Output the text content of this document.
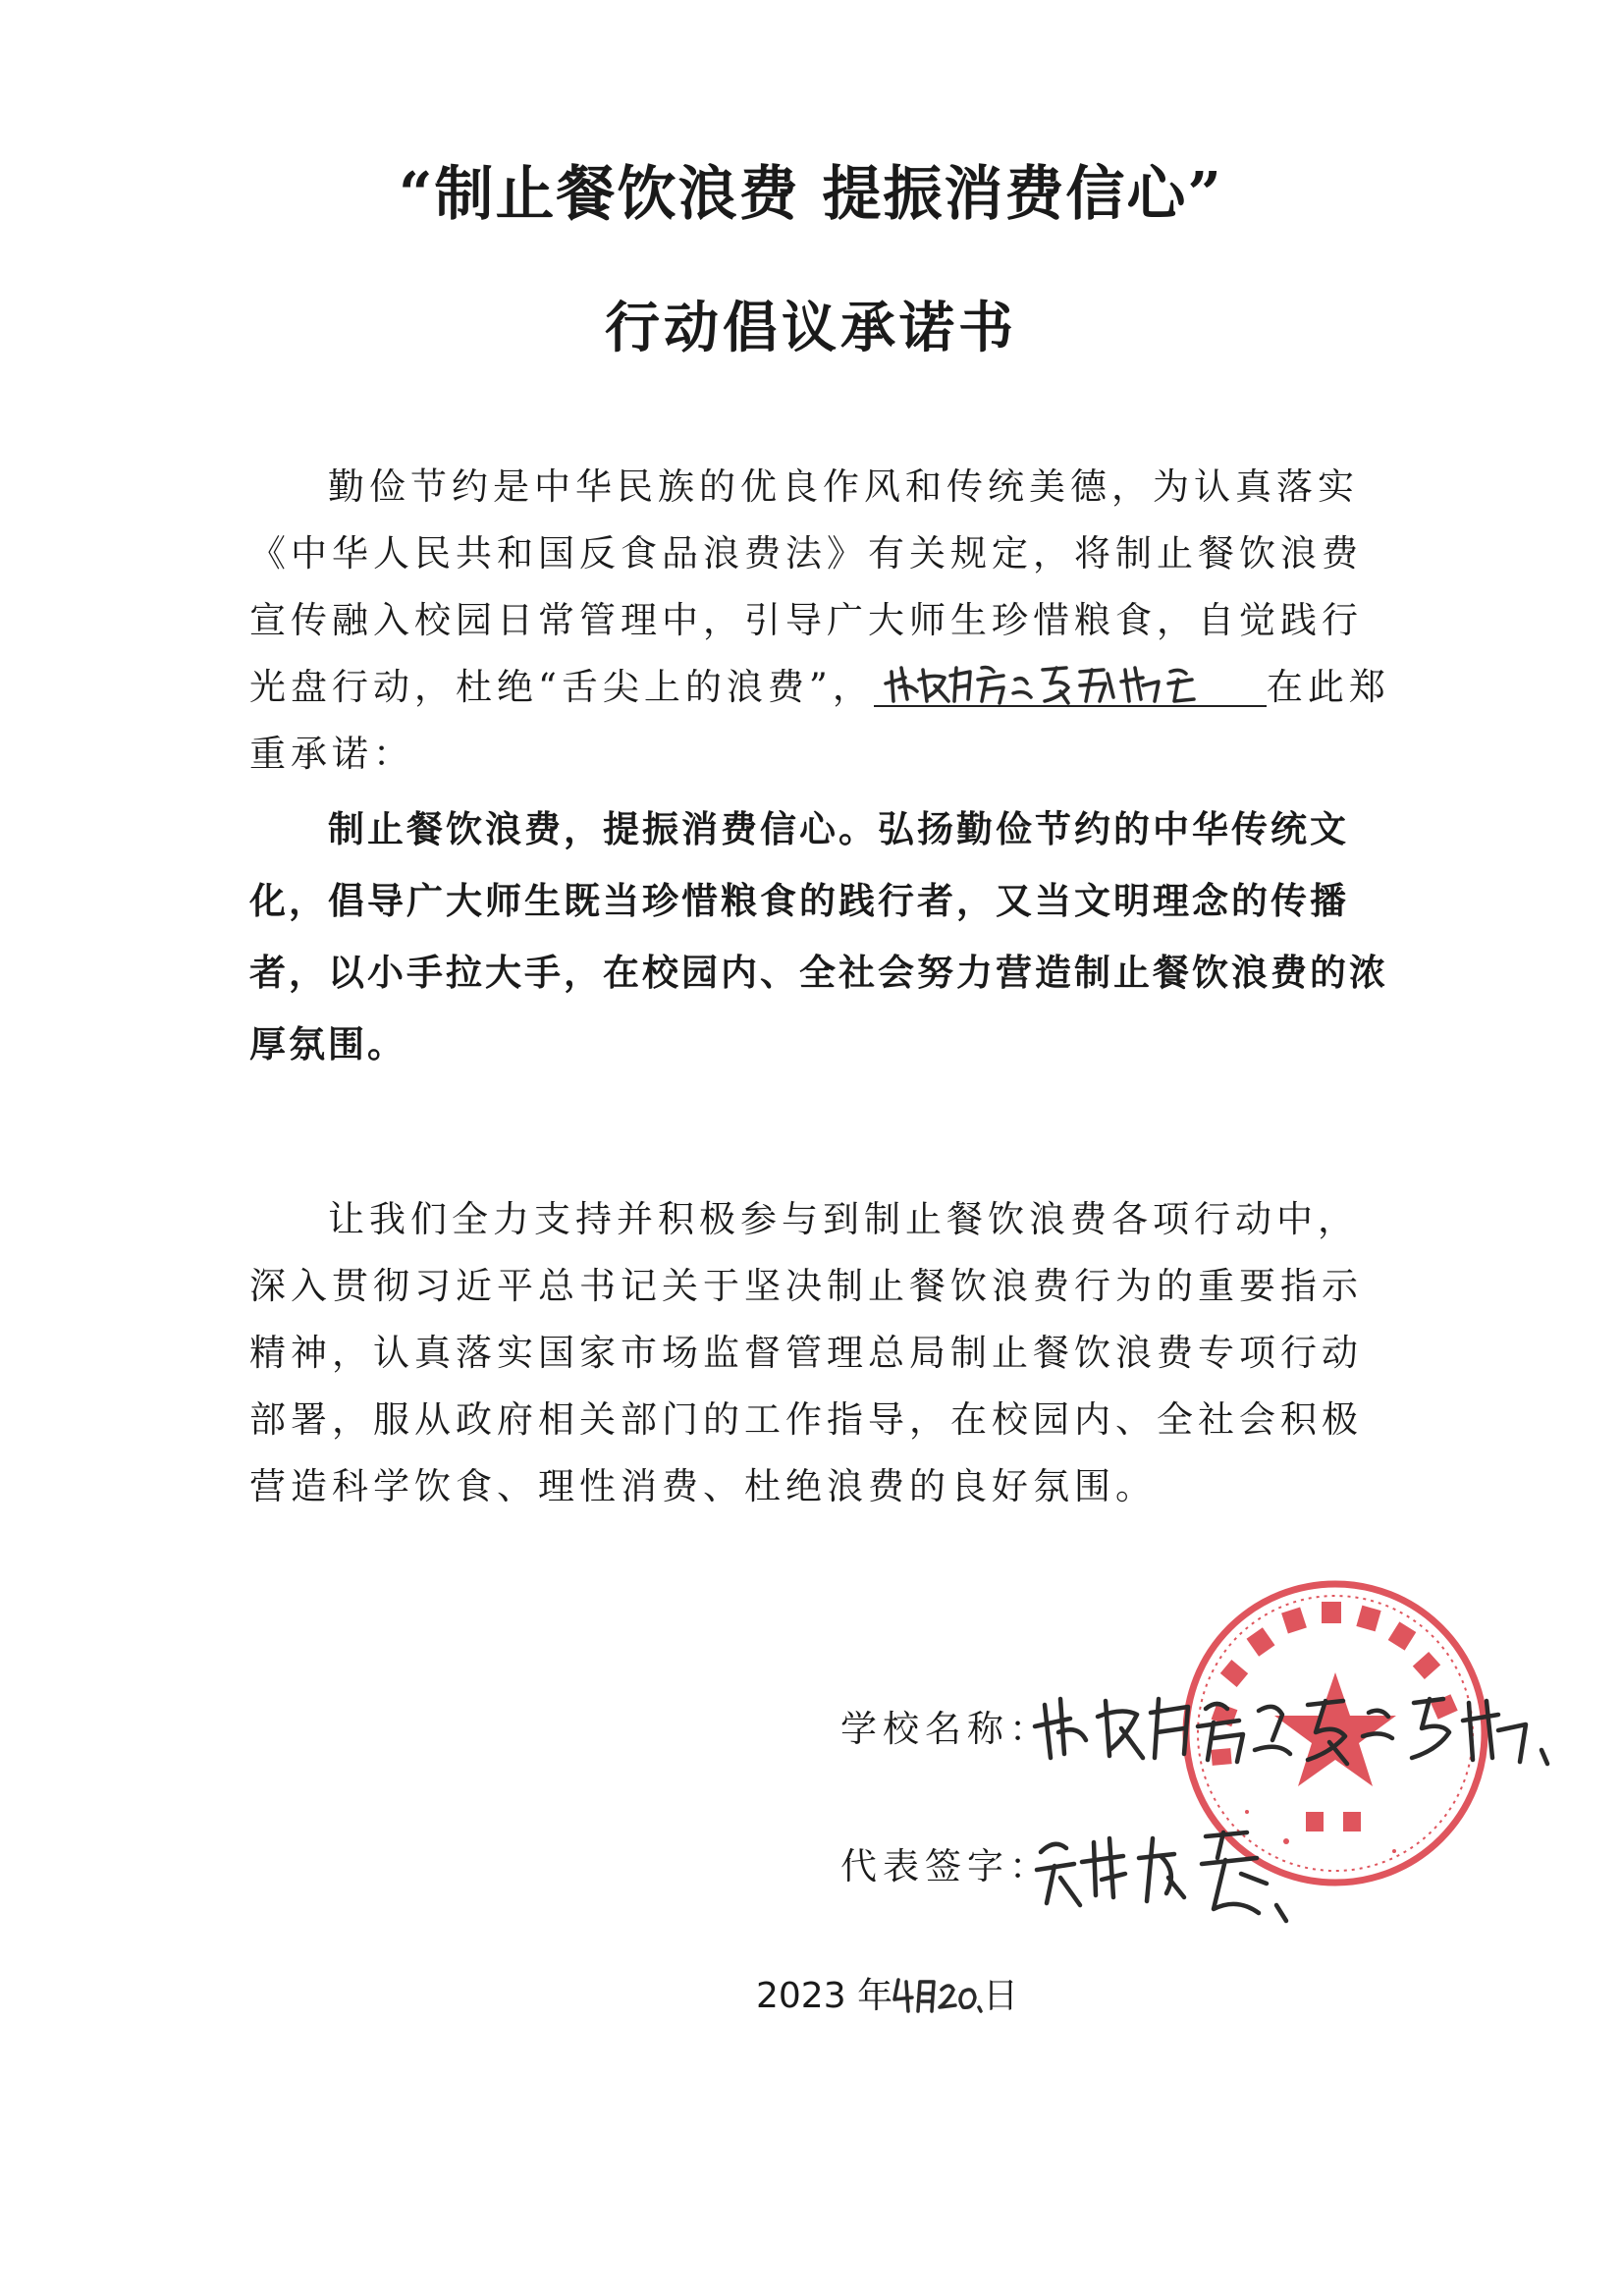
“制止餐饮浪费 提振消费信心”
行动倡议承诺书

勤俭节约是中华民族的优良作风和传统美德，为认真落实《中华人民共和国反食品浪费法》有关规定，将制止餐饮浪费宣传融入校园日常管理中，引导广大师生珍惜粮食，自觉践行光盘行动，杜绝“舌尖上的浪费”，	在此郑重承诺：

制止餐饮浪费，提振消费信心。弘扬勤俭节约的中华传统文化，倡导广大师生既当珍惜粮食的践行者，又当文明理念的传播者，以小手拉大手，在校园内、全社会努力营造制止餐饮浪费的浓厚氛围。

让我们全力支持并积极参与到制止餐饮浪费各项行动中，深入贯彻习近平总书记关于坚决制止餐饮浪费行为的重要指示精神，认真落实国家市场监督管理总局制止餐饮浪费专项行动部署，服从政府相关部门的工作指导，在校园内、全社会积极营造科学饮食、理性消费、杜绝浪费的良好氛围。

学校名称：
代表签字：
2023 年	日
